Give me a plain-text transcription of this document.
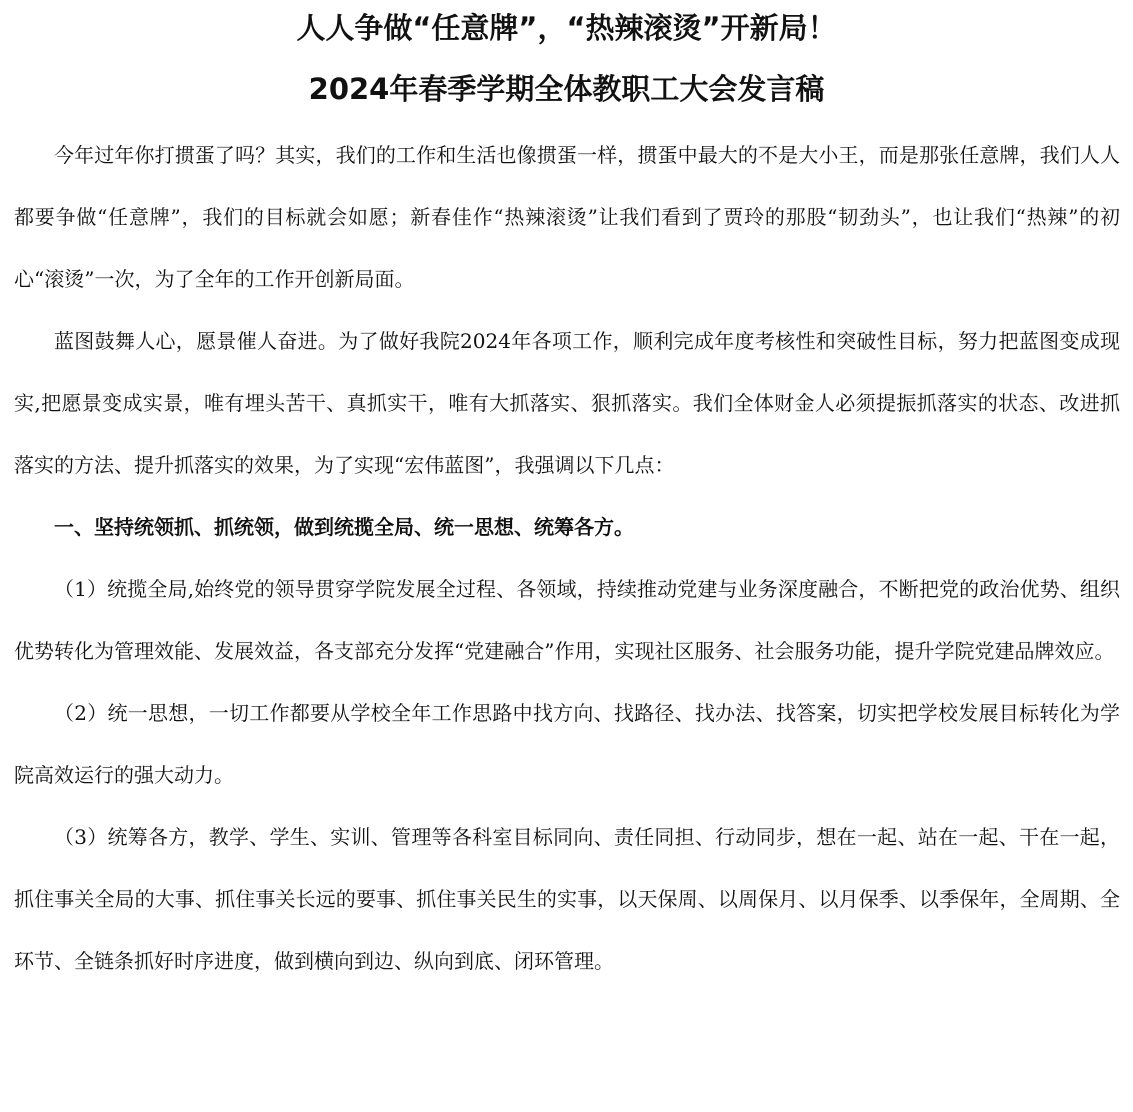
人人争做“任意牌”，“热辣滚烫”开新局！
2024年春季学期全体教职工大会发言稿

今年过年你打掼蛋了吗？其实，我们的工作和生活也像掼蛋一样，掼蛋中最大的不是大小王，而是那张任意牌，我们人人都要争做“任意牌”，我们的目标就会如愿；新春佳作“热辣滚烫”让我们看到了贾玲的那股“韧劲头”，也让我们“热辣”的初心“滚烫”一次，为了全年的工作开创新局面。

蓝图鼓舞人心，愿景催人奋进。为了做好我院2024年各项工作，顺利完成年度考核性和突破性目标，努力把蓝图变成现实,把愿景变成实景，唯有埋头苦干、真抓实干，唯有大抓落实、狠抓落实。我们全体财金人必须提振抓落实的状态、改进抓落实的方法、提升抓落实的效果，为了实现“宏伟蓝图”，我强调以下几点：

一、坚持统领抓、抓统领，做到统揽全局、统一思想、统筹各方。

（1）统揽全局,始终党的领导贯穿学院发展全过程、各领域，持续推动党建与业务深度融合，不断把党的政治优势、组织优势转化为管理效能、发展效益，各支部充分发挥“党建融合”作用，实现社区服务、社会服务功能，提升学院党建品牌效应。

（2）统一思想，一切工作都要从学校全年工作思路中找方向、找路径、找办法、找答案，切实把学校发展目标转化为学院高效运行的强大动力。

（3）统筹各方，教学、学生、实训、管理等各科室目标同向、责任同担、行动同步，想在一起、站在一起、干在一起，抓住事关全局的大事、抓住事关长远的要事、抓住事关民生的实事，以天保周、以周保月、以月保季、以季保年，全周期、全环节、全链条抓好时序进度，做到横向到边、纵向到底、闭环管理。
